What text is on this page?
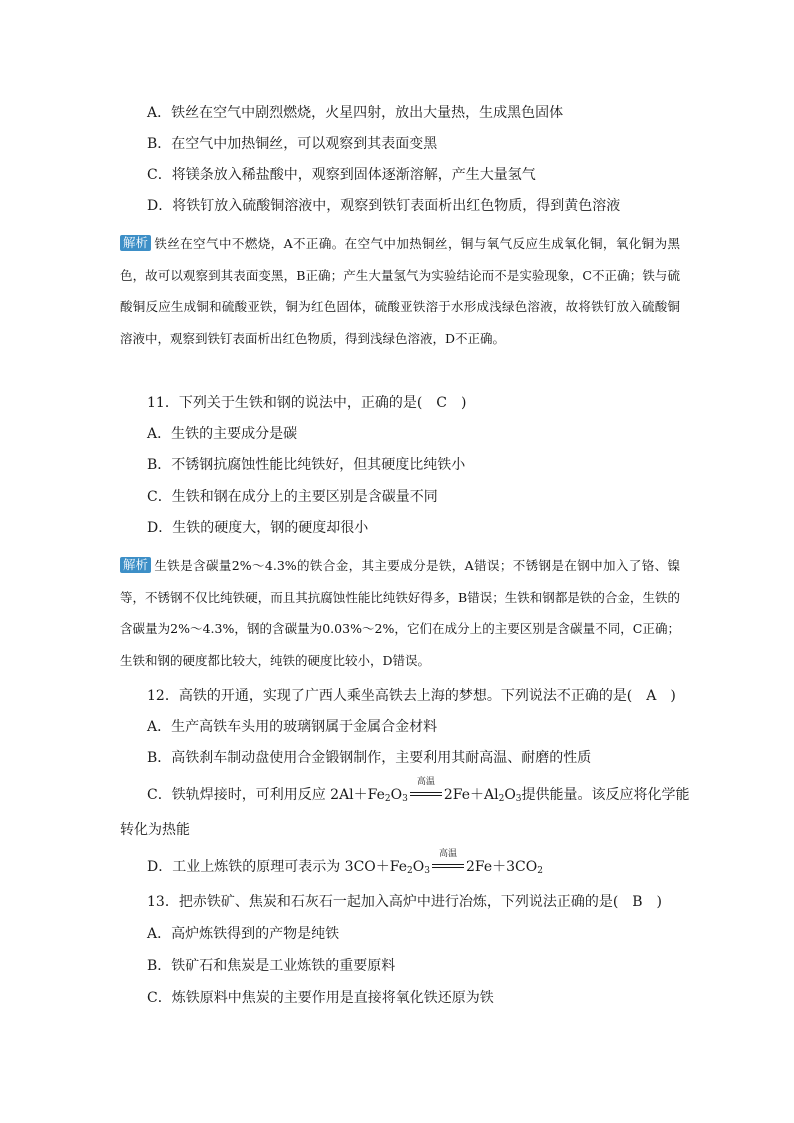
A．铁丝在空气中剧烈燃烧，火星四射，放出大量热，生成黑色固体
B．在空气中加热铜丝，可以观察到其表面变黑
C．将镁条放入稀盐酸中，观察到固体逐渐溶解，产生大量氢气
D．将铁钉放入硫酸铜溶液中，观察到铁钉表面析出红色物质，得到黄色溶液
解析 铁丝在空气中不燃烧，A不正确。在空气中加热铜丝，铜与氧气反应生成氧化铜，氧化铜为黑色，故可以观察到其表面变黑，B正确；产生大量氢气为实验结论而不是实验现象，C不正确；铁与硫酸铜反应生成铜和硫酸亚铁，铜为红色固体，硫酸亚铁溶于水形成浅绿色溶液，故将铁钉放入硫酸铜溶液中，观察到铁钉表面析出红色物质，得到浅绿色溶液，D不正确。
11．下列关于生铁和钢的说法中，正确的是(　C　)
A．生铁的主要成分是碳
B．不锈钢抗腐蚀性能比纯铁好，但其硬度比纯铁小
C．生铁和钢在成分上的主要区别是含碳量不同
D．生铁的硬度大，钢的硬度却很小
解析 生铁是含碳量2%～4.3%的铁合金，其主要成分是铁，A错误；不锈钢是在钢中加入了铬、镍等，不锈钢不仅比纯铁硬，而且其抗腐蚀性能比纯铁好得多，B错误；生铁和钢都是铁的合金，生铁的含碳量为2%～4.3%，钢的含碳量为0.03%～2%，它们在成分上的主要区别是含碳量不同，C正确；生铁和钢的硬度都比较大，纯铁的硬度比较小，D错误。
12．高铁的开通，实现了广西人乘坐高铁去上海的梦想。下列说法不正确的是(　A　)
A．生产高铁车头用的玻璃钢属于金属合金材料
B．高铁刹车制动盘使用合金锻钢制作，主要利用其耐高温、耐磨的性质
C．铁轨焊接时，可利用反应 $2Al+Fe_2O_3$
高温
$2Fe+Al_2O_3$提供能量。该反应将化学能
转化为热能
D．工业上炼铁的原理可表示为 $3CO+Fe_2O_3$
高温
$2Fe+3CO_2$
13．把赤铁矿、焦炭和石灰石一起加入高炉中进行冶炼，下列说法正确的是(　B　)
A．高炉炼铁得到的产物是纯铁
B．铁矿石和焦炭是工业炼铁的重要原料
C．炼铁原料中焦炭的主要作用是直接将氧化铁还原为铁
